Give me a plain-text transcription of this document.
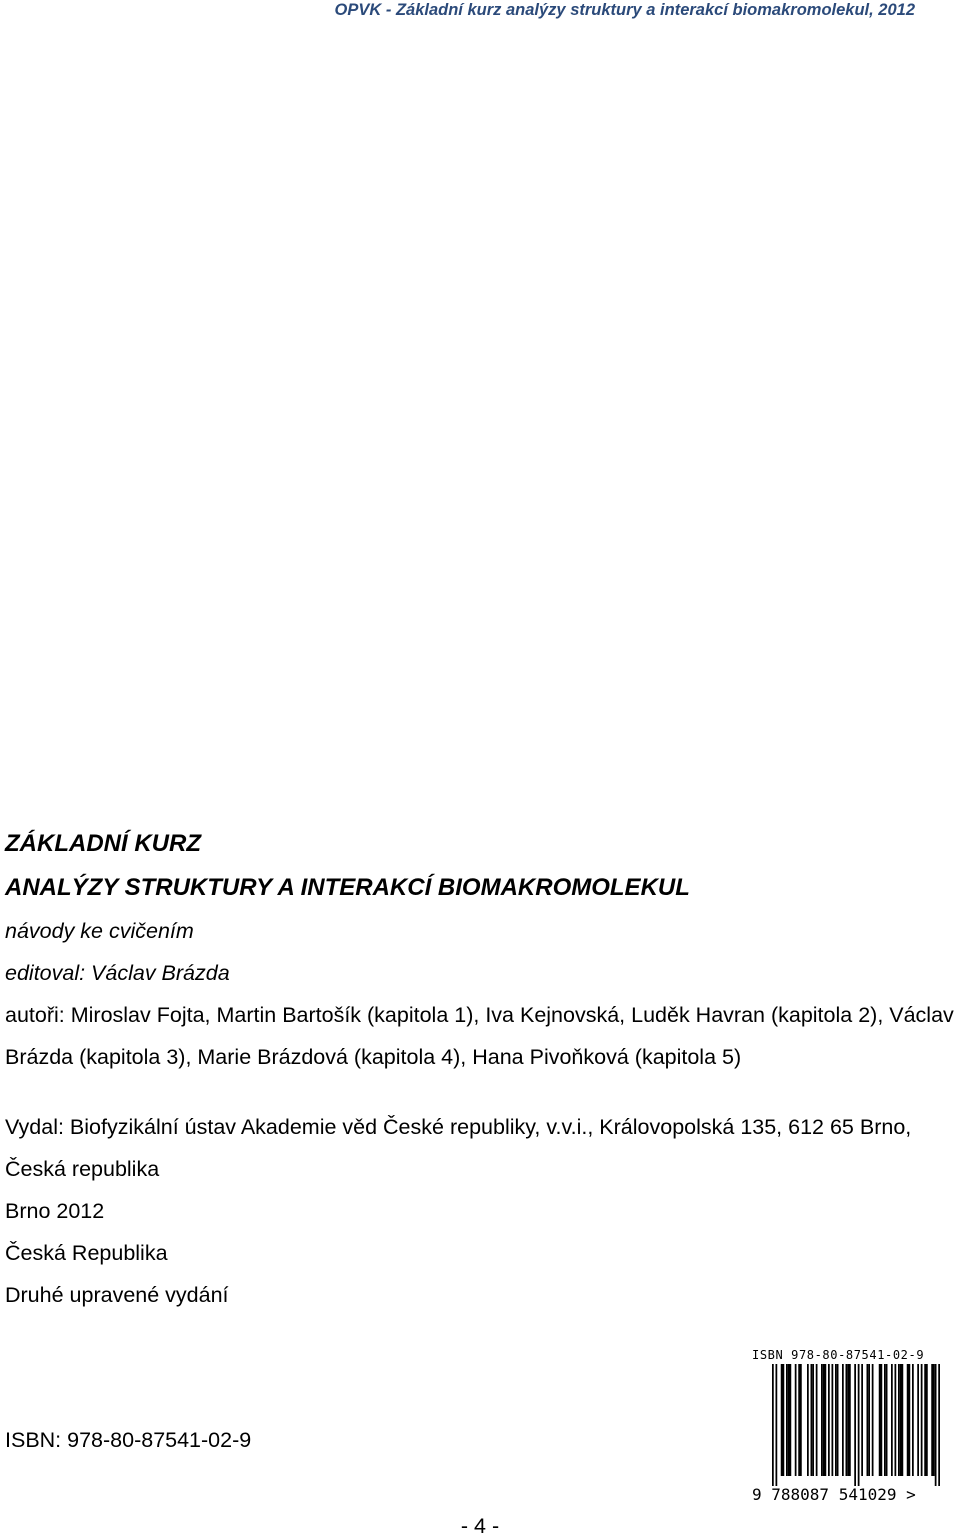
OPVK - Základní kurz analýzy struktury a interakcí biomakromolekul, 2012

ZÁKLADNÍ KURZ

ANALÝZY STRUKTURY A INTERAKCÍ BIOMAKROMOLEKUL

návody ke cvičením

editoval: Václav Brázda

autoři: Miroslav Fojta, Martin Bartošík (kapitola 1), Iva Kejnovská, Luděk Havran (kapitola 2), Václav Brázda (kapitola 3), Marie Brázdová (kapitola 4), Hana Pivoňková (kapitola 5)

Vydal: Biofyzikální ústav Akademie věd České republiky, v.v.i., Královopolská 135, 612 65 Brno, Česká republika

Brno 2012

Česká Republika

Druhé upravené vydání

ISBN: 978-80-87541-02-9
ISBN 978-80-87541-02-9
9 788087 541029 >
- 4 -
